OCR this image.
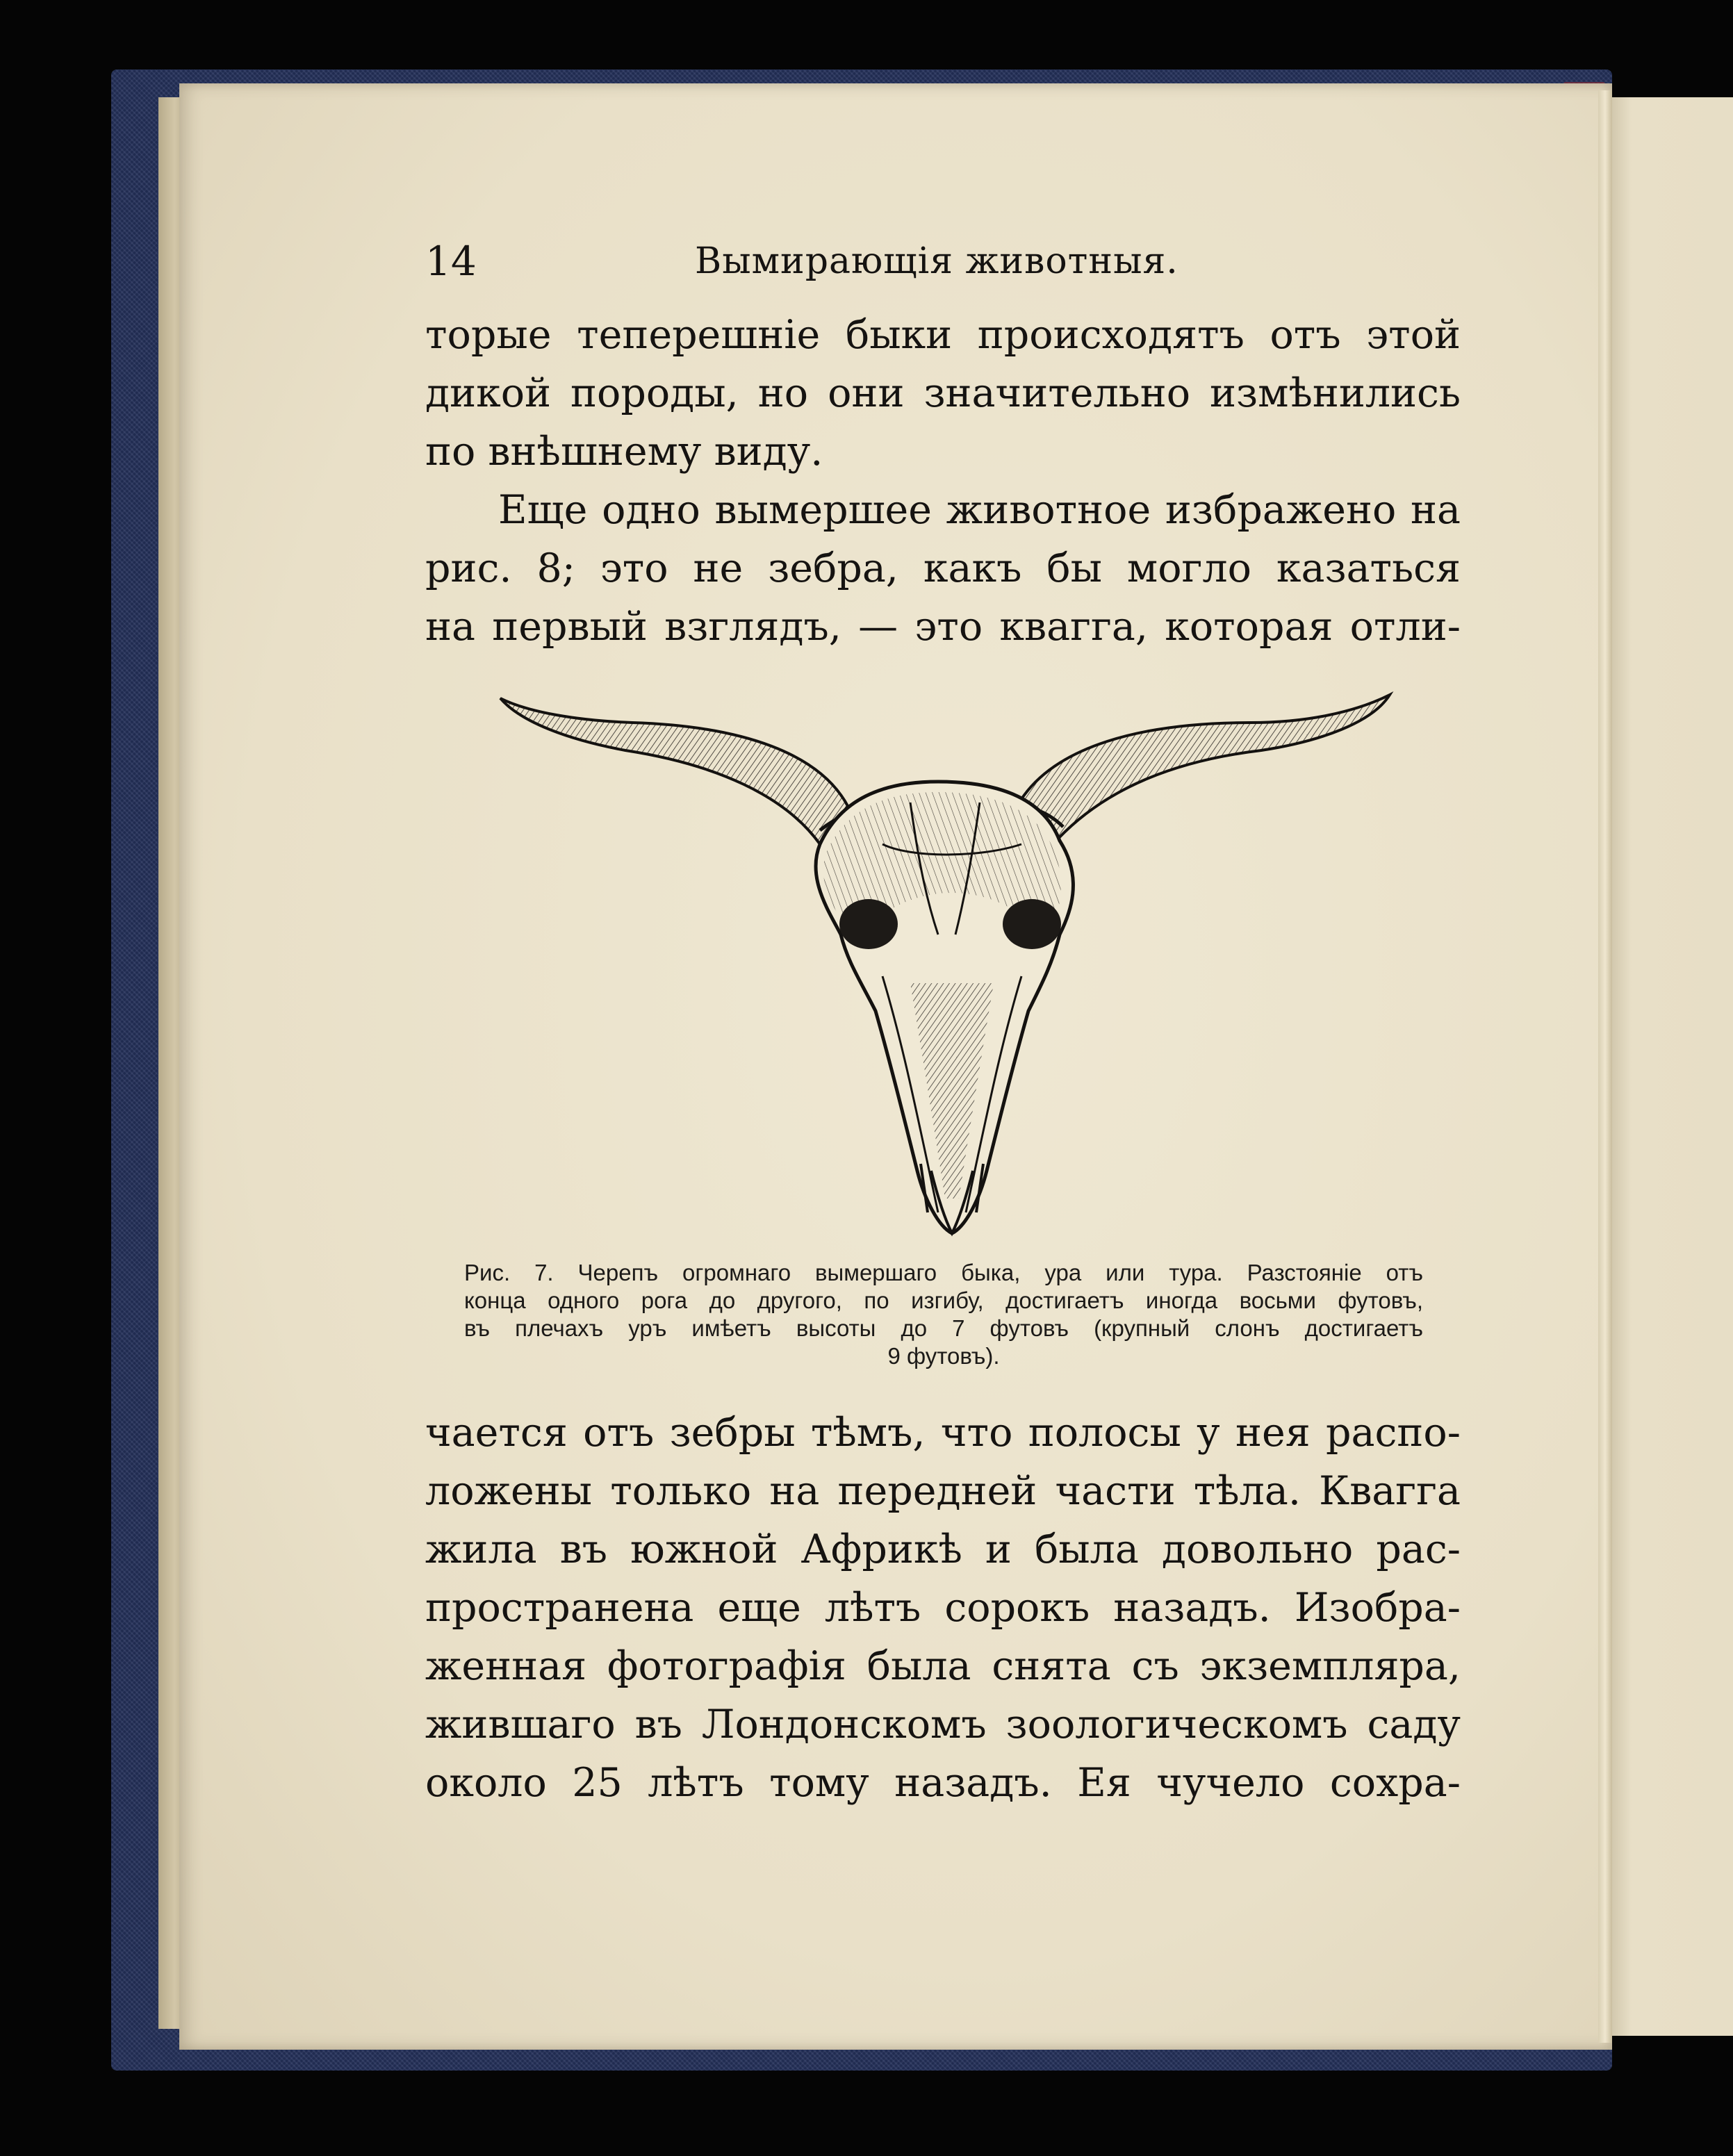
14	Вымирающія животныя.
торые теперешніе быки происходятъ отъ этой
дикой породы, но они значительно измѣнились
по внѣшнему виду.
Еще одно вымершее животное избражено на
рис. 8; это не зебра, какъ бы могло казаться
на первый взглядъ, — это квагга, которая отли-
Рис. 7. Черепъ огромнаго вымершаго быка, ура или тура. Разстояніе отъ
конца одного рога до другого, по изгибу, достигаетъ иногда восьми футовъ,
въ плечахъ уръ имѣетъ высоты до 7 футовъ (крупный слонъ достигаетъ
9 футовъ).
чается отъ зебры тѣмъ, что полосы у нея распо-
ложены только на передней части тѣла. Квагга
жила въ южной Африкѣ и была довольно рас-
пространена еще лѣтъ сорокъ назадъ. Изобра-
женная фотографія была снята съ экземпляра,
жившаго въ Лондонскомъ зоологическомъ саду
около 25 лѣтъ тому назадъ. Ея чучело сохра-
